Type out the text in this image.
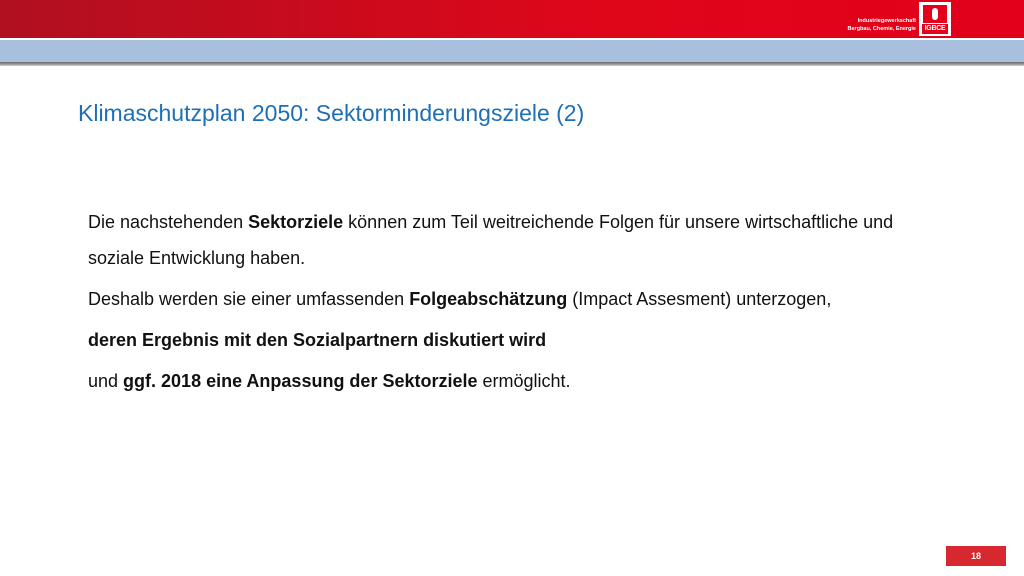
Industriegewerkschaft
Bergbau, Chemie, Energie	IGBCE
Klimaschutzplan 2050: Sektorminderungsziele (2)

Die nachstehenden Sektorziele können zum Teil weitreichende Folgen für unsere wirtschaftliche und soziale Entwicklung haben.

Deshalb werden sie einer umfassenden Folgeabschätzung (Impact Assesment) unterzogen,

deren Ergebnis mit den Sozialpartnern diskutiert wird

und ggf. 2018 eine Anpassung der Sektorziele ermöglicht.

18
